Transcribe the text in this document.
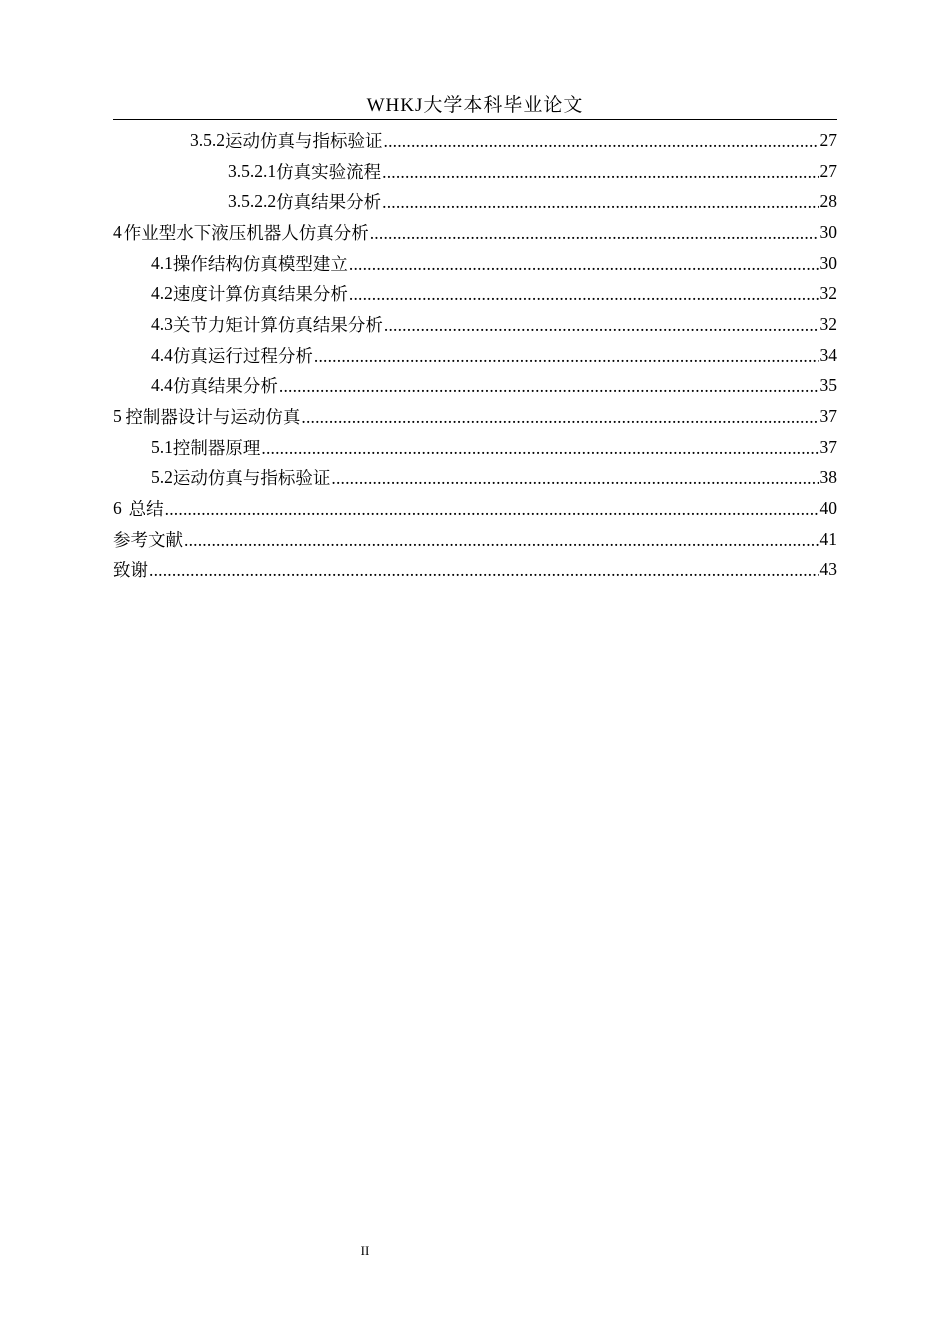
WHKJ大学本科毕业论文
3.5.2 运动仿真与指标验证 .....	27
3.5.2.1 仿真实验流程 .....	27
3.5.2.2 仿真结果分析 .....	28
4 作业型水下液压机器人仿真分析 .....	30
4.1 操作结构仿真模型建立 .....	30
4.2 速度计算仿真结果分析 .....	32
4.3 关节力矩计算仿真结果分析 .....	32
4.4 仿真运行过程分析 .....	34
4.4 仿真结果分析 .....	35
5 控制器设计与运动仿真 .....	37
5.1 控制器原理 .....	37
5.2 运动仿真与指标验证 .....	38
6 总结 .....	40
参考文献 .....	41
致谢 .....	43
II
